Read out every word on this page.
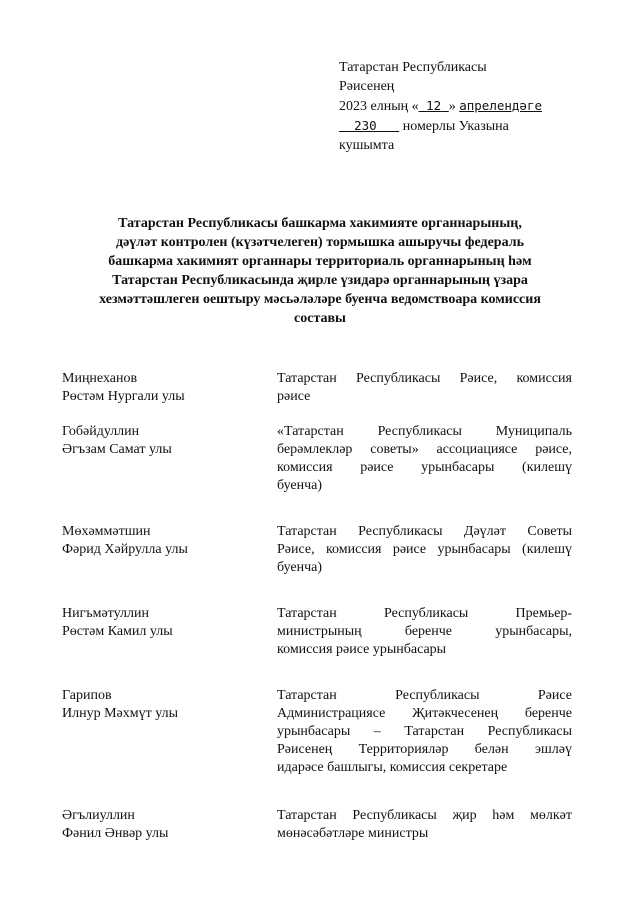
Татарстан Республикасы
Рәисенең
2023 елның « 12 » апрелендәге
230 номерлы Указына
кушымта
Татарстан Республикасы башкарма хакимияте органнарының,
дәүләт контролен (күзәтчелеген) тормышка ашыручы федераль
башкарма хакимият органнары территориаль органнарының һәм
Татарстан Республикасында җирле үзидарә органнарының үзара
хезмәттәшлеген оештыру мәсьәләләре буенча ведомствоара комиссия
составы
Миңнеханов
Рөстәм Нургали улы
Татарстан Республикасы Рәисе, комиссия
рәисе
Гобәйдуллин
Әгъзам Самат улы
«Татарстан Республикасы Муниципаль
берәмлекләр советы» ассоциациясе рәисе,
комиссия рәисе урынбасары (килешү
буенча)
Мөхәммәтшин
Фәрид Хәйрулла улы
Татарстан Республикасы Дәүләт Советы
Рәисе, комиссия рәисе урынбасары (килешү
буенча)
Нигъмәтуллин
Рөстәм Камил улы
Татарстан Республикасы Премьер-
министрының беренче урынбасары,
комиссия рәисе урынбасары
Гарипов
Илнур Мәхмүт улы
Татарстан Республикасы Рәисе
Администрациясе Җитәкчесенең беренче
урынбасары – Татарстан Республикасы
Рәисенең Территорияләр белән эшләү
идарәсе башлыгы, комиссия секретаре
Әгълиуллин
Фәнил Әнвәр улы
Татарстан Республикасы җир һәм мөлкәт
мөнәсәбәтләре министры
